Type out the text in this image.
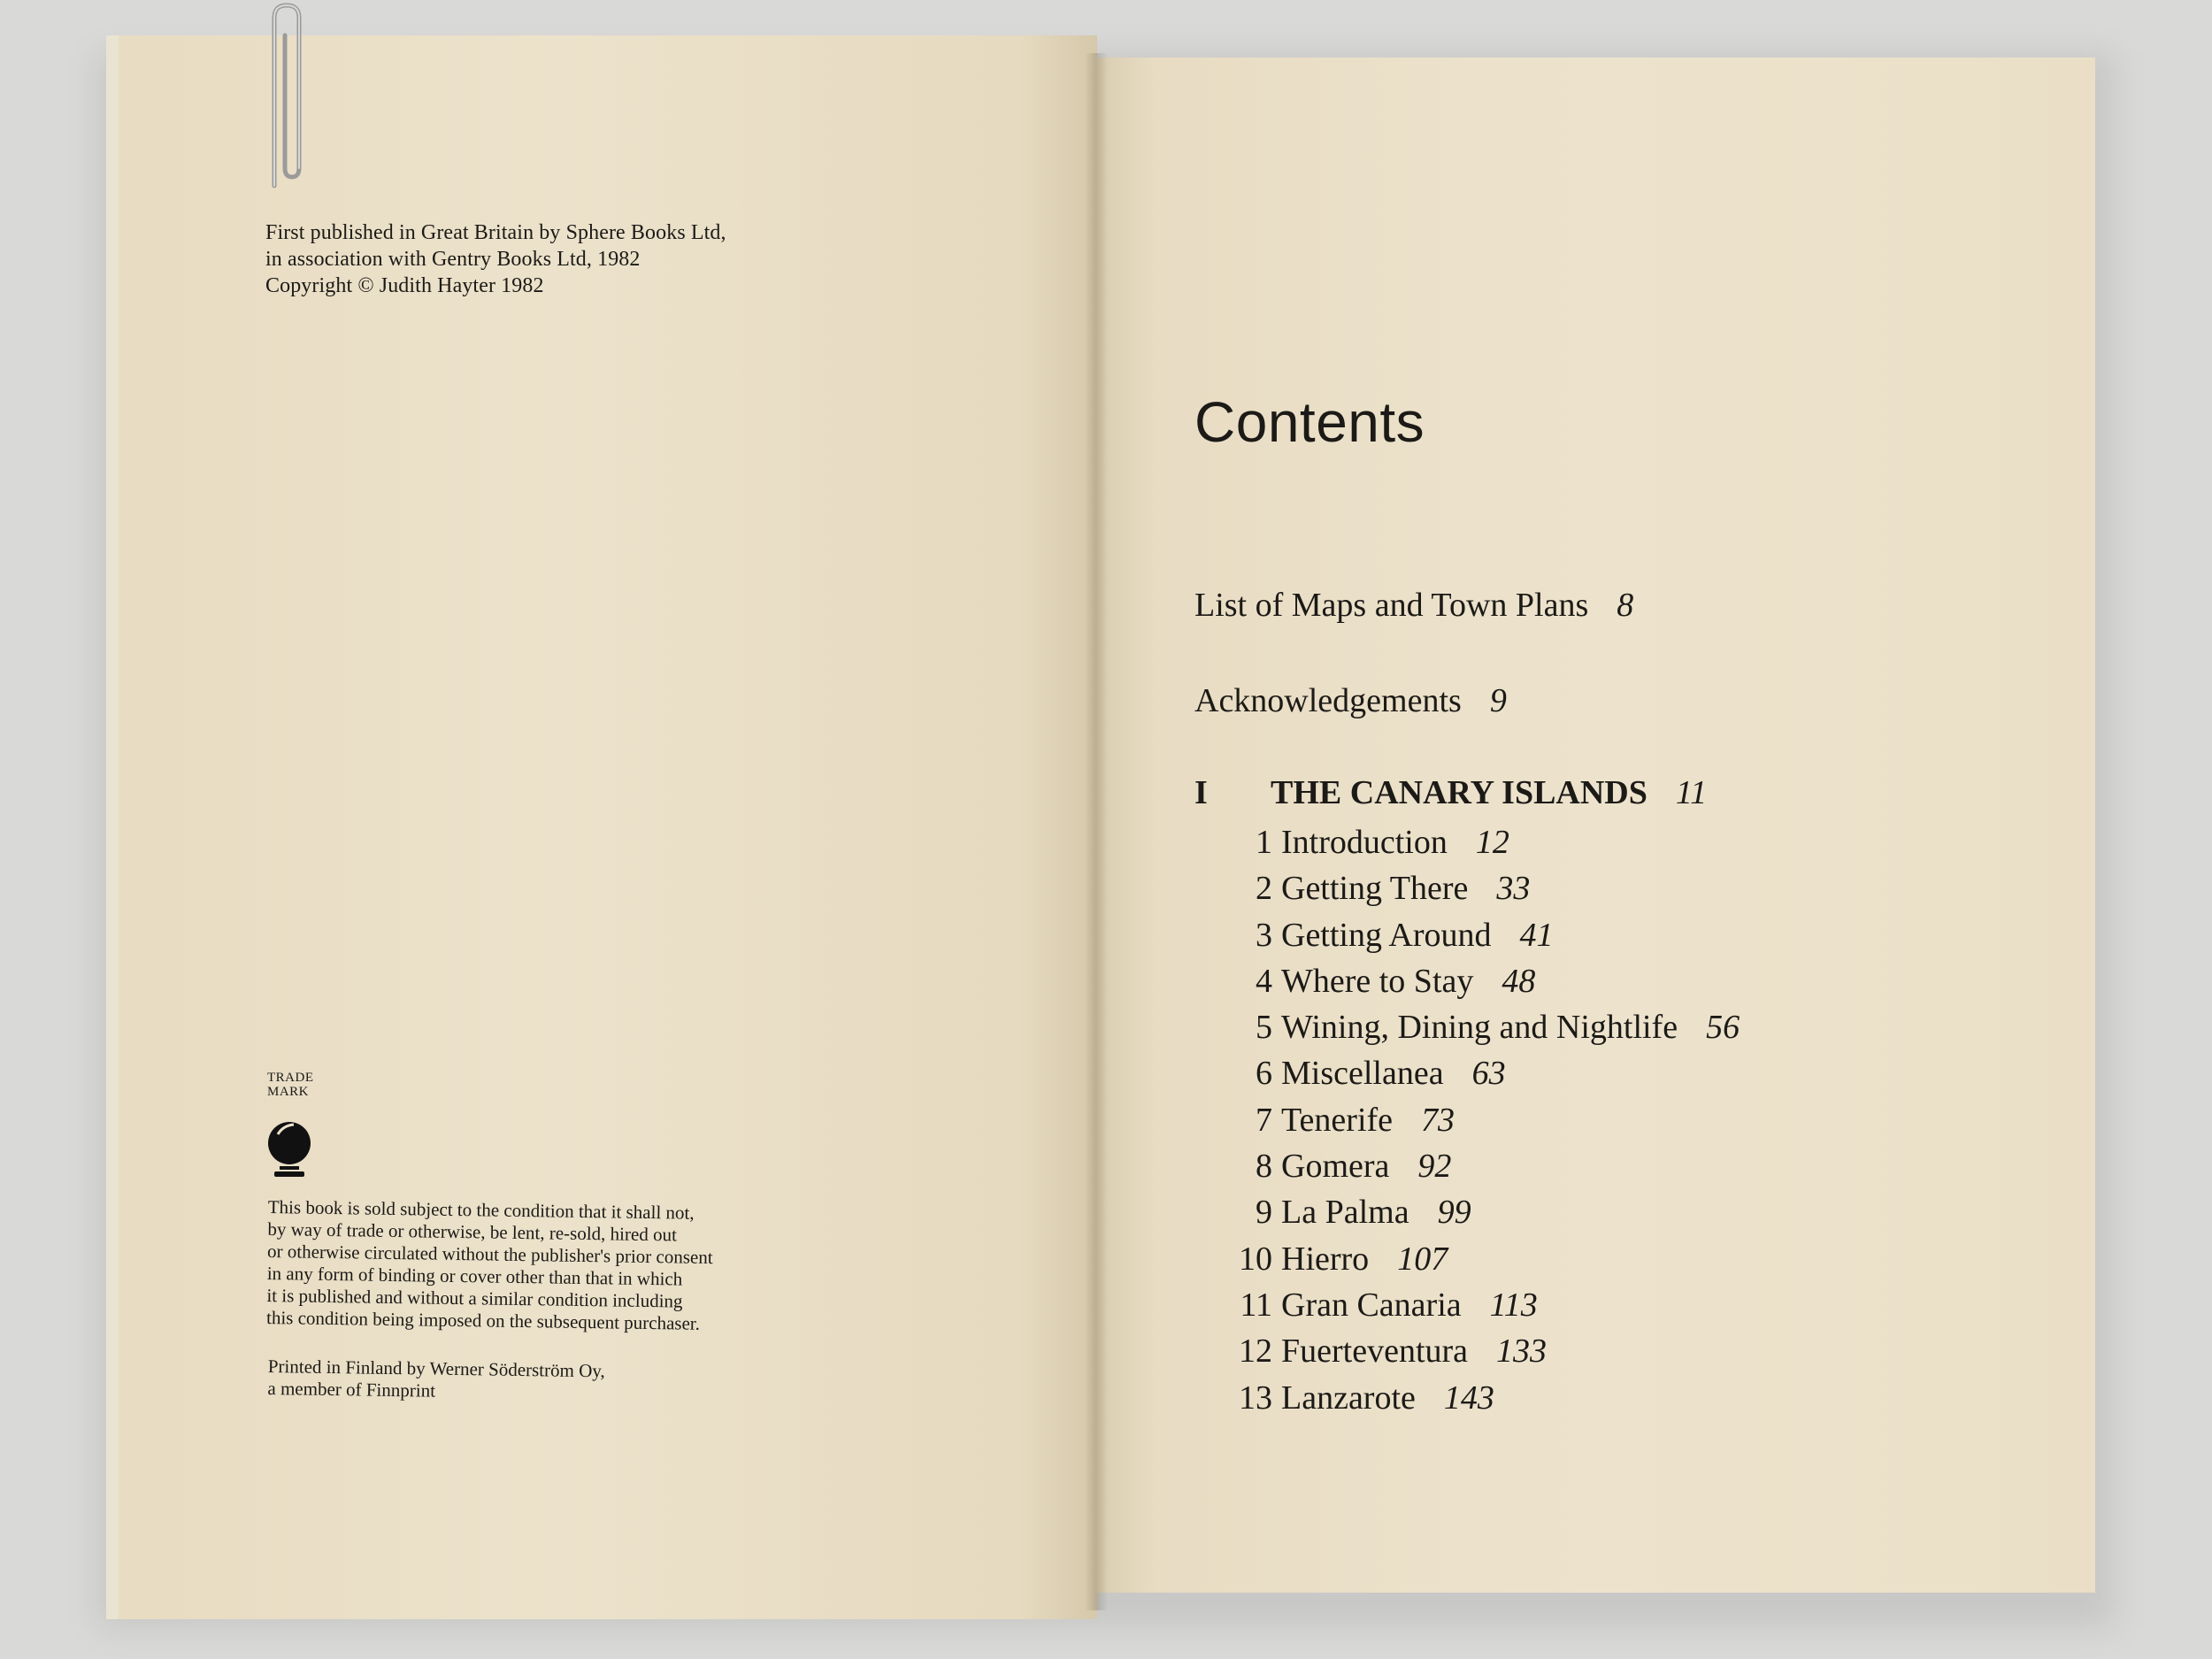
First published in Great Britain by Sphere Books Ltd,
in association with Gentry Books Ltd, 1982
Copyright © Judith Hayter 1982
TRADE
MARK
This book is sold subject to the condition that it shall not,
by way of trade or otherwise, be lent, re-sold, hired out
or otherwise circulated without the publisher's prior consent
in any form of binding or cover other than that in which
it is published and without a similar condition including
this condition being imposed on the subsequent purchaser.
Printed in Finland by Werner Söderström Oy,
a member of Finnprint
Contents
List of Maps and Town Plans 8
Acknowledgements 9
I THE CANARY ISLANDS 11
1 Introduction 12
2 Getting There 33
3 Getting Around 41
4 Where to Stay 48
5 Wining, Dining and Nightlife 56
6 Miscellanea 63
7 Tenerife 73
8 Gomera 92
9 La Palma 99
10 Hierro 107
11 Gran Canaria 113
12 Fuerteventura 133
13 Lanzarote 143
